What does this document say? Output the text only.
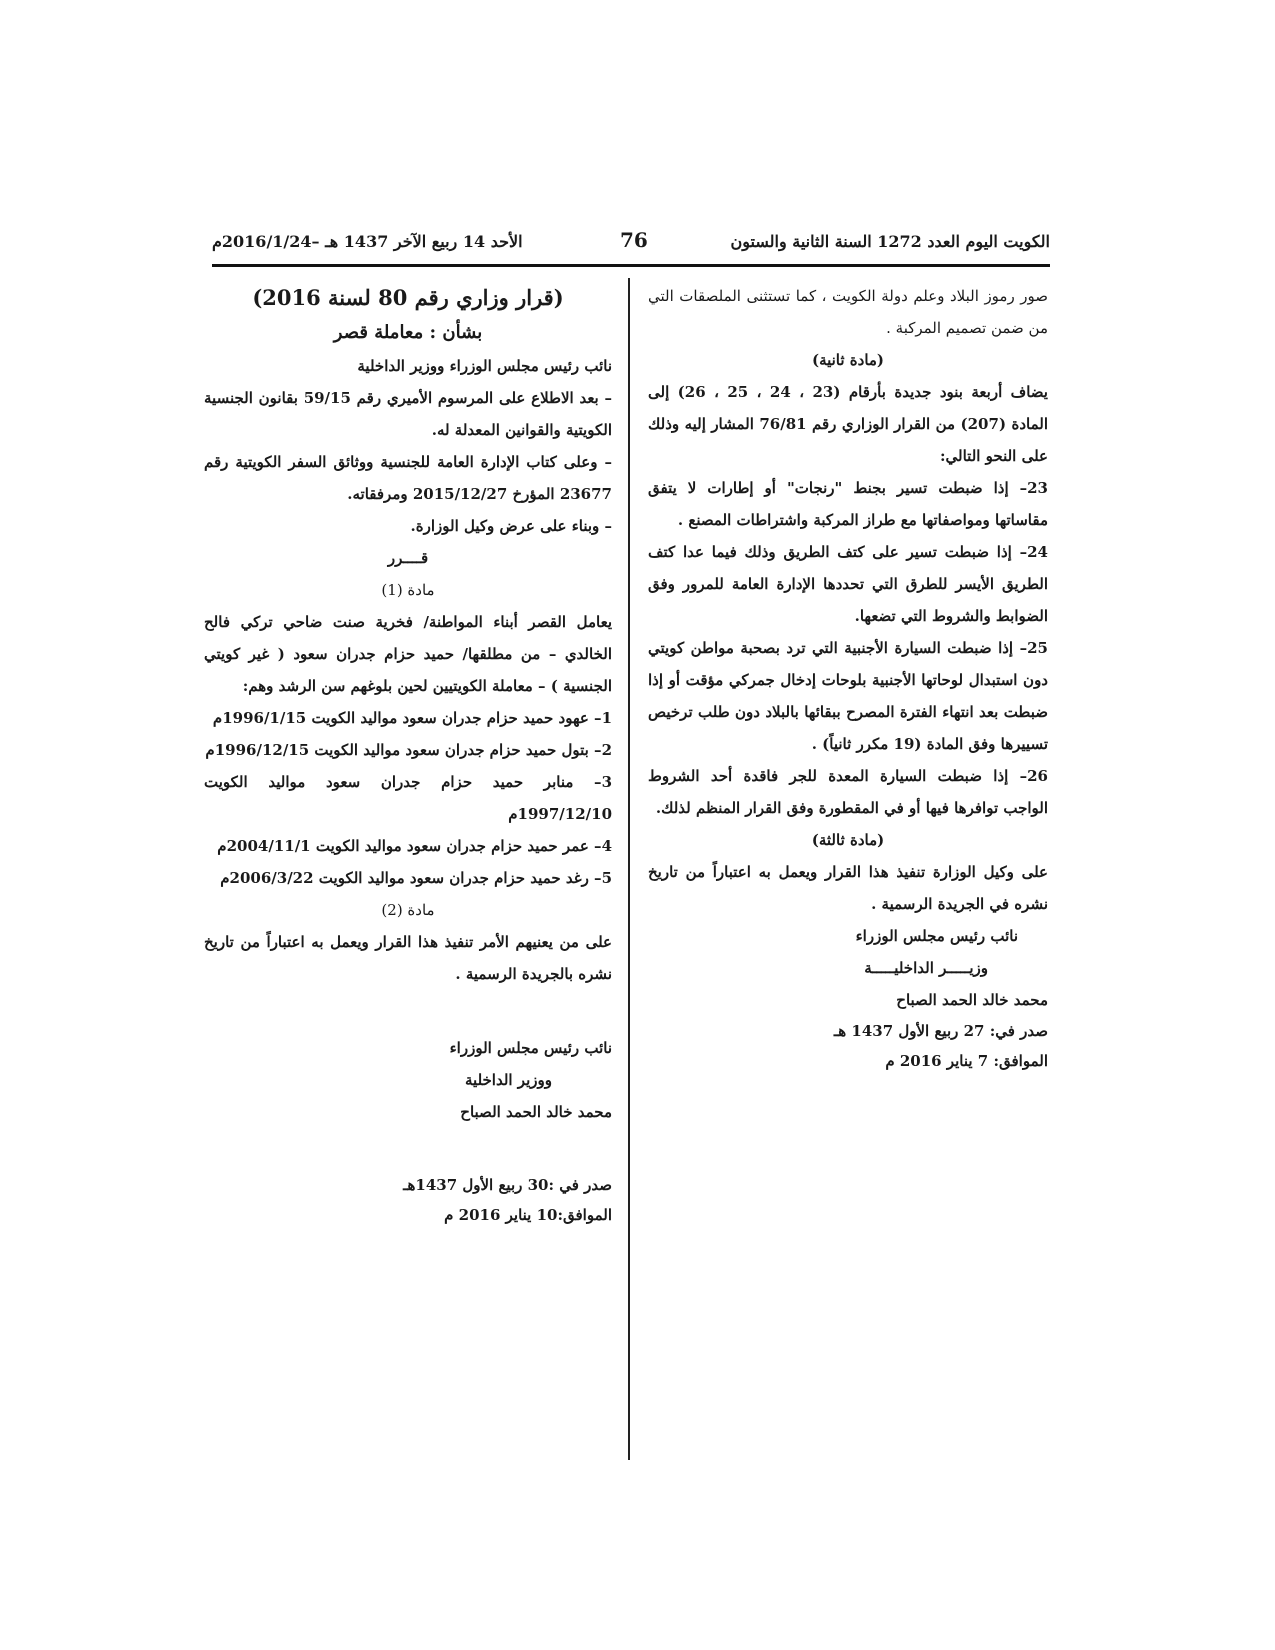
الكويت اليوم العدد 1272 السنة الثانية والستون
76
الأحد 14 ربيع الآخر 1437 هـ –2016/1/24م

صور رموز البلاد وعلم دولة الكويت ، كما تستثنى الملصقات التي من ضمن تصميم المركبة .

(مادة ثانية)

يضاف أربعة بنود جديدة بأرقام (23 ، 24 ، 25 ، 26) إلى المادة (207) من القرار الوزاري رقم 76/81 المشار إليه وذلك على النحو التالي:

23– إذا ضبطت تسير بجنط "رنجات" أو إطارات لا يتفق مقاساتها ومواصفاتها مع طراز المركبة واشتراطات المصنع .

24– إذا ضبطت تسير على كتف الطريق وذلك فيما عدا كتف الطريق الأيسر للطرق التي تحددها الإدارة العامة للمرور وفق الضوابط والشروط التي تضعها.

25– إذا ضبطت السيارة الأجنبية التي ترد بصحبة مواطن كويتي دون استبدال لوحاتها الأجنبية بلوحات إدخال جمركي مؤقت أو إذا ضبطت بعد انتهاء الفترة المصرح ببقائها بالبلاد دون طلب ترخيص تسييرها وفق المادة (19 مكرر ثانياً) .

26– إذا ضبطت السيارة المعدة للجر فاقدة أحد الشروط الواجب توافرها فيها أو في المقطورة وفق القرار المنظم لذلك.

(مادة ثالثة)

على وكيل الوزارة تنفيذ هذا القرار ويعمل به اعتباراً من تاريخ نشره في الجريدة الرسمية .

نائب رئيس مجلس الوزراء

وزيـــــر الداخليـــــة

محمد خالد الحمد الصباح

صدر في: 27 ربيع الأول 1437 هـ

الموافق: 7 يناير 2016 م

(قرار وزاري رقم 80 لسنة 2016)

بشأن : معاملة قصر

نائب رئيس مجلس الوزراء ووزير الداخلية

– بعد الاطلاع على المرسوم الأميري رقم 59/15 بقانون الجنسية الكويتية والقوانين المعدلة له.

– وعلى كتاب الإدارة العامة للجنسية ووثائق السفر الكويتية رقم 23677 المؤرخ 2015/12/27 ومرفقاته.

– وبناء على عرض وكيل الوزارة.

قــــرر

مادة (1)

يعامل القصر أبناء المواطنة/ فخرية صنت ضاحي تركي فالح الخالدي – من مطلقها/ حميد حزام جدران سعود ( غير كويتي الجنسية ) – معاملة الكويتيين لحين بلوغهم سن الرشد وهم:

1– عهود حميد حزام جدران سعود مواليد الكويت 1996/1/15م

2– بتول حميد حزام جدران سعود مواليد الكويت 1996/12/15م

3– منابر حميد حزام جدران سعود مواليد الكويت 1997/12/10م

4– عمر حميد حزام جدران سعود مواليد الكويت 2004/11/1م

5– رغد حميد حزام جدران سعود مواليد الكويت 2006/3/22م

مادة (2)

على من يعنيهم الأمر تنفيذ هذا القرار ويعمل به اعتباراً من تاريخ نشره بالجريدة الرسمية .

نائب رئيس مجلس الوزراء

ووزير الداخلية

محمد خالد الحمد الصباح

صدر في :30 ربيع الأول 1437هـ

الموافق:10 يناير 2016 م
